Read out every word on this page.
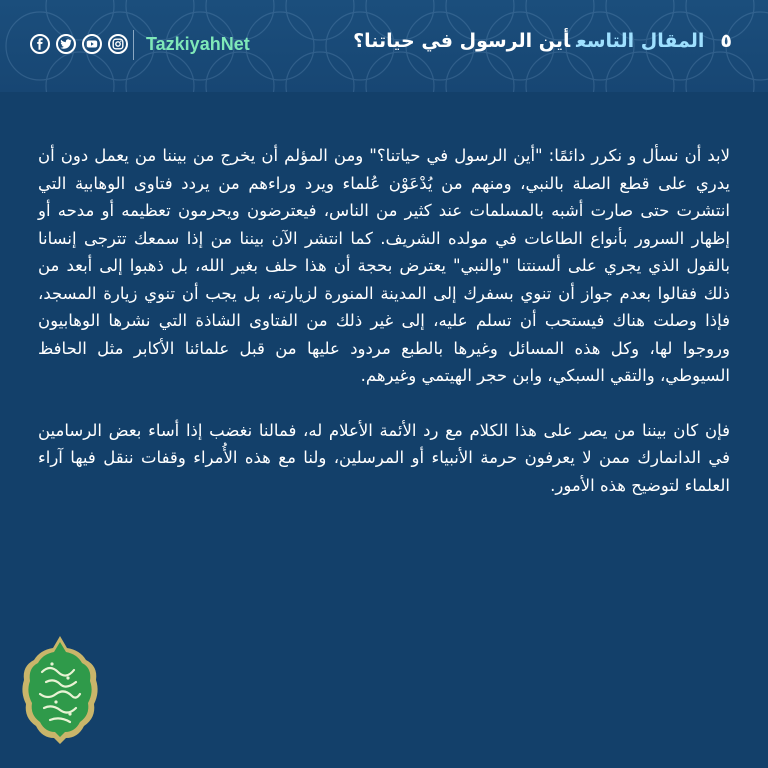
TazkiyahNet	٥المقال التاسعأين الرسول في حياتنا؟

لابد أن نسأل و نكرر دائمًا: "أين الرسول في حياتنا؟" ومن المؤلم أن يخرج من بيننا من يعمل دون أن يدري على قطع الصلة بالنبي، ومنهم من يُدْعَوْن عُلماء ويرد وراءهم من يردد فتاوى الوهابية التي انتشرت حتى صارت أشبه بالمسلمات عند كثير من الناس، فيعترضون ويحرمون تعظيمه أو مدحه أو إظهار السرور بأنواع الطاعات في مولده الشريف. كما انتشر الآن بيننا من إذا سمعك تترجى إنسانا بالقول الذي يجري على ألسنتنا "والنبي" يعترض بحجة أن هذا حلف بغير الله، بل ذهبوا إلى أبعد من ذلك فقالوا بعدم جواز أن تنوي بسفرك إلى المدينة المنورة لزيارته، بل يجب أن تنوي زيارة المسجد، فإذا وصلت هناك فيستحب أن تسلم عليه، إلى غير ذلك من الفتاوى الشاذة التي نشرها الوهابيون وروجوا لها، وكل هذه المسائل وغيرها بالطبع مردود عليها من قبل علمائنا الأكابر مثل الحافظ السيوطي، والتقي السبكي، وابن حجر الهيتمي وغيرهم.

فإن كان بيننا من يصر على هذا الكلام مع رد الأئمة الأعلام له، فمالنا نغضب إذا أساء بعض الرسامين في الدانمارك ممن لا يعرفون حرمة الأنبياء أو المرسلين، ولنا مع هذه الأُمراء وقفات ننقل فيها آراء العلماء لتوضيح هذه الأمور.
